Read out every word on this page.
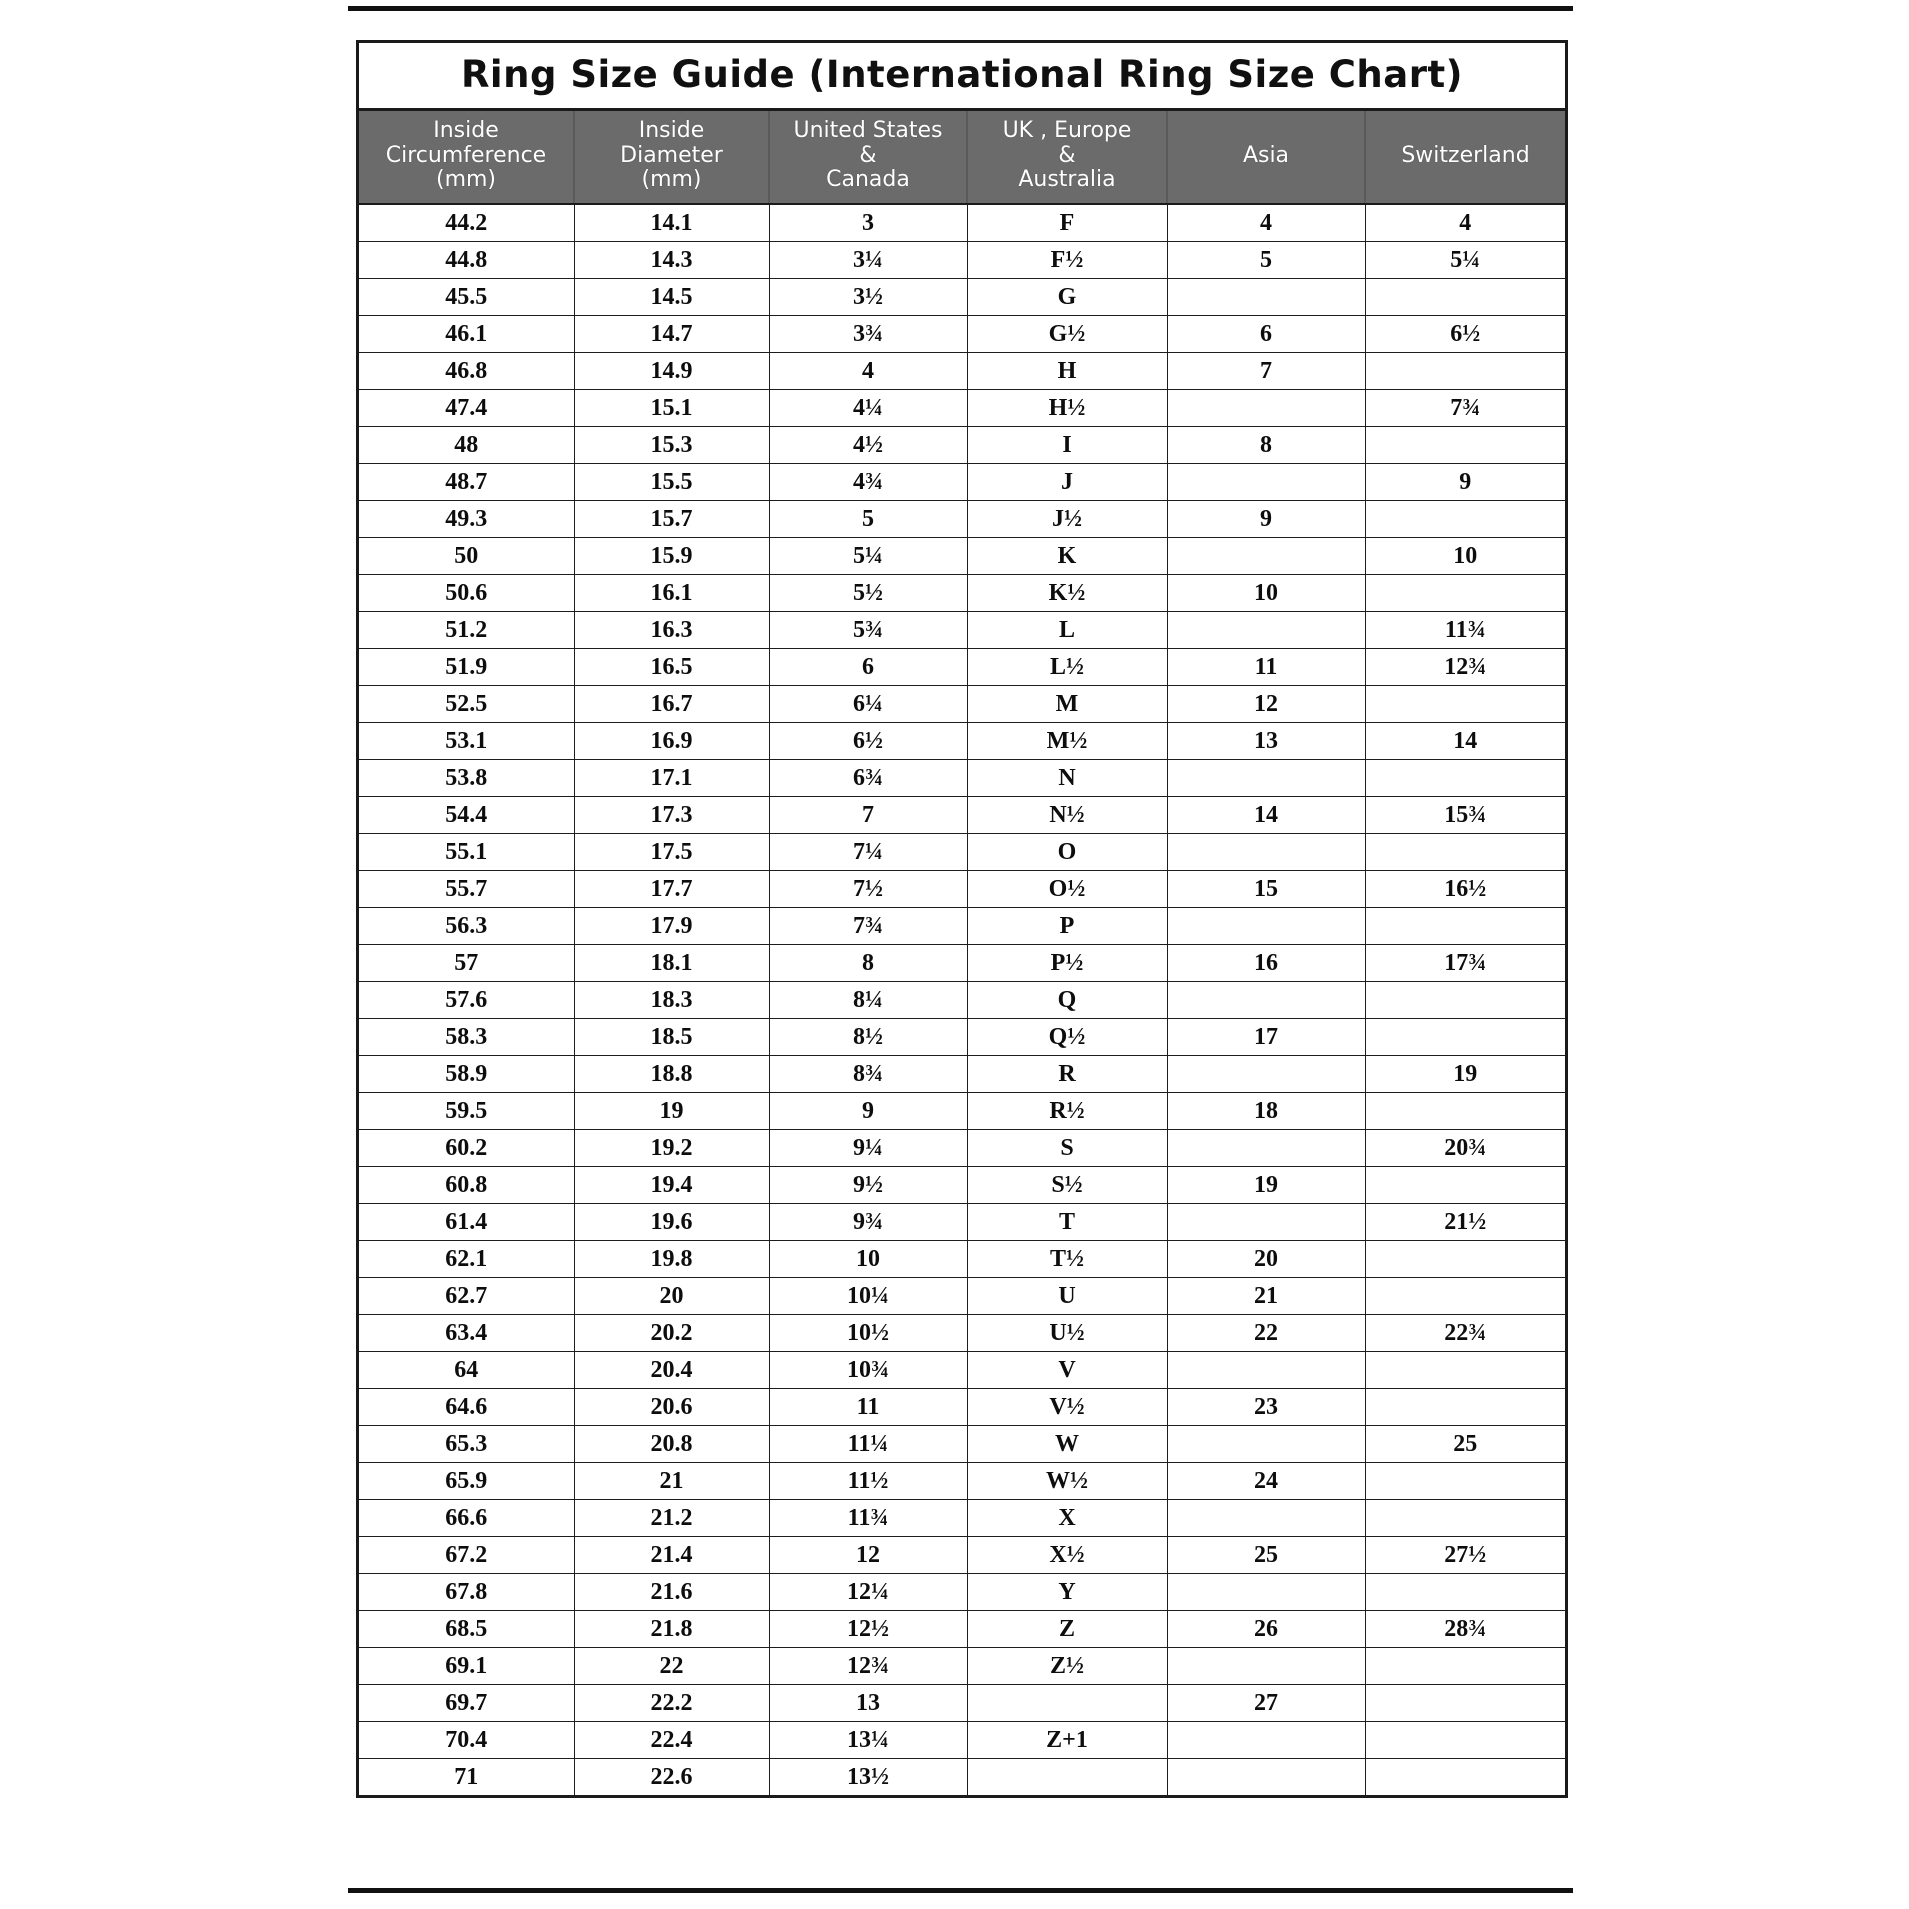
Ring Size Guide (International Ring Size Chart)
Inside
Circumference
(mm)	Inside
Diameter
(mm)	United States
&
Canada	UK , Europe
&
Australia	Asia	Switzerland
44.2	14.1	3	F	4	4
44.8	14.3	3¼	F½	5	5¼
45.5	14.5	3½	G		
46.1	14.7	3¾	G½	6	6½
46.8	14.9	4	H	7	
47.4	15.1	4¼	H½		7¾
48	15.3	4½	I	8	
48.7	15.5	4¾	J		9
49.3	15.7	5	J½	9	
50	15.9	5¼	K		10
50.6	16.1	5½	K½	10	
51.2	16.3	5¾	L		11¾
51.9	16.5	6	L½	11	12¾
52.5	16.7	6¼	M	12	
53.1	16.9	6½	M½	13	14
53.8	17.1	6¾	N		
54.4	17.3	7	N½	14	15¾
55.1	17.5	7¼	O		
55.7	17.7	7½	O½	15	16½
56.3	17.9	7¾	P		
57	18.1	8	P½	16	17¾
57.6	18.3	8¼	Q		
58.3	18.5	8½	Q½	17	
58.9	18.8	8¾	R		19
59.5	19	9	R½	18	
60.2	19.2	9¼	S		20¾
60.8	19.4	9½	S½	19	
61.4	19.6	9¾	T		21½
62.1	19.8	10	T½	20	
62.7	20	10¼	U	21	
63.4	20.2	10½	U½	22	22¾
64	20.4	10¾	V		
64.6	20.6	11	V½	23	
65.3	20.8	11¼	W		25
65.9	21	11½	W½	24	
66.6	21.2	11¾	X		
67.2	21.4	12	X½	25	27½
67.8	21.6	12¼	Y		
68.5	21.8	12½	Z	26	28¾
69.1	22	12¾	Z½		
69.7	22.2	13		27	
70.4	22.4	13¼	Z+1		
71	22.6	13½			
